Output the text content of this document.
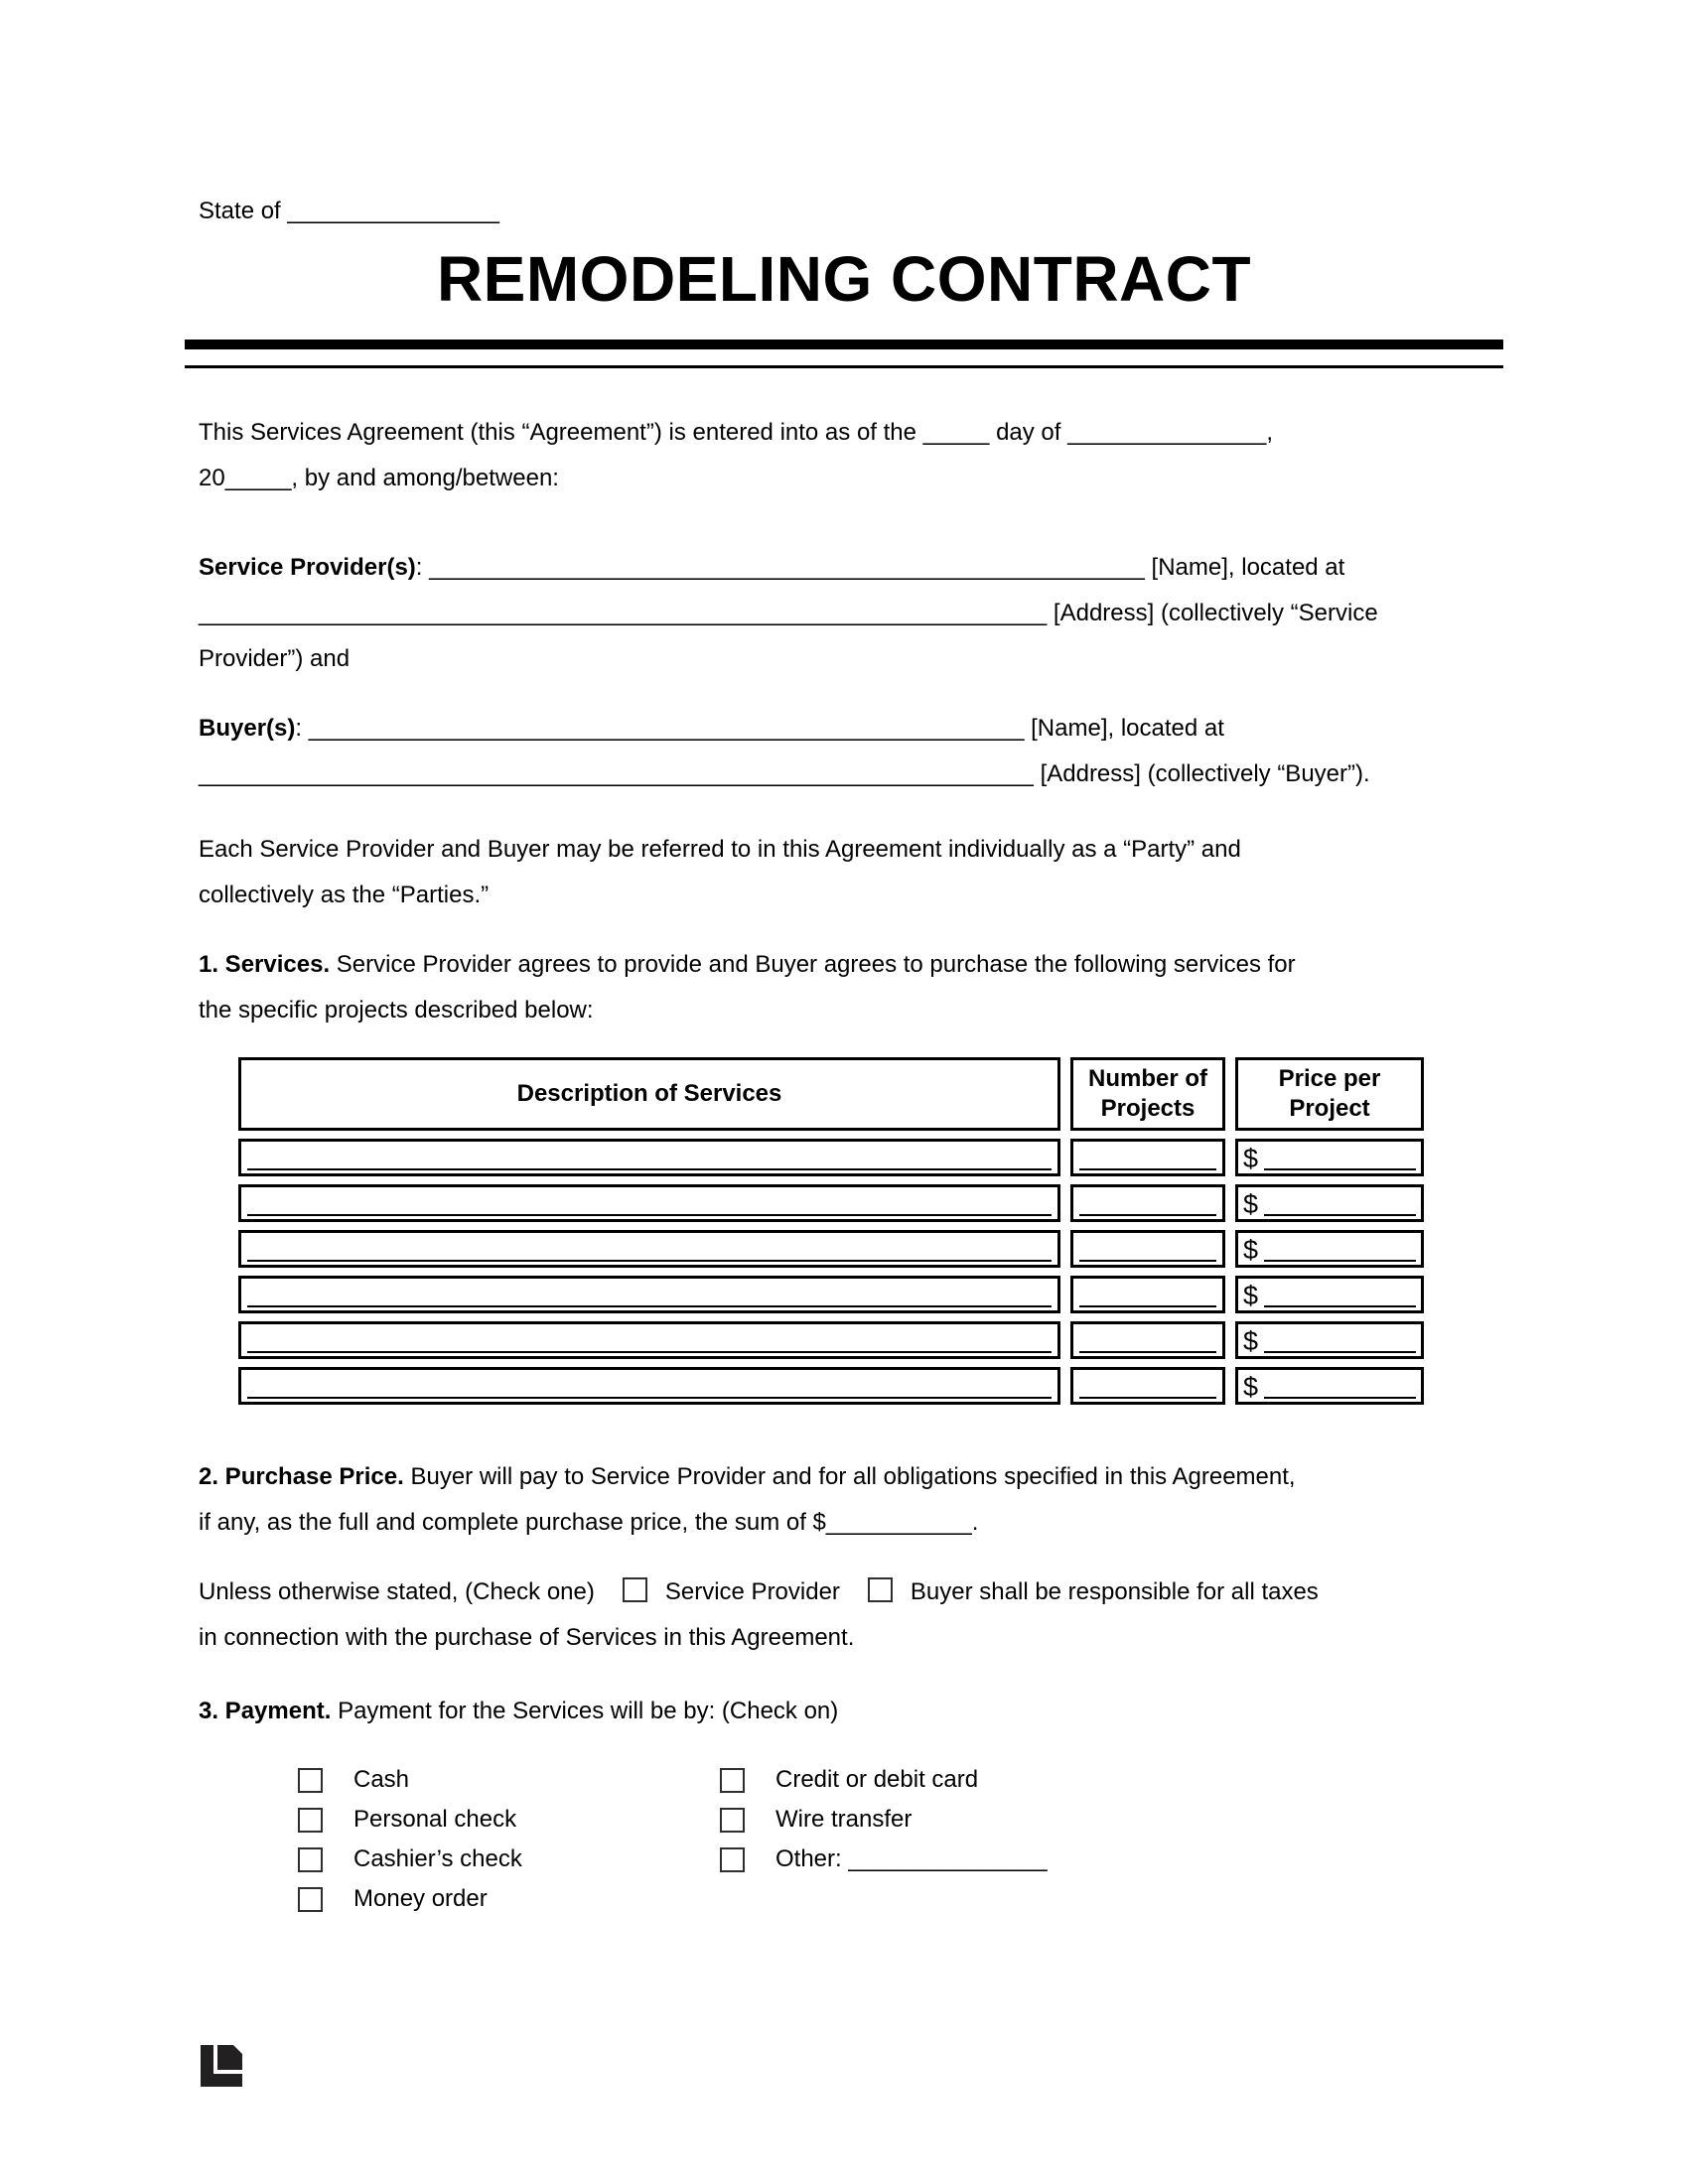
State of ________________
REMODELING CONTRACT

This Services Agreement (this “Agreement”) is entered into as of the _____ day of _______________,
20_____, by and among/between:

Service Provider(s): ______________________________________________________ [Name], located at
________________________________________________________________ [Address] (collectively “Service
Provider”) and

Buyer(s): ______________________________________________________ [Name], located at
_______________________________________________________________ [Address] (collectively “Buyer”).

Each Service Provider and Buyer may be referred to in this Agreement individually as a “Party” and
collectively as the “Parties.”

1. Services. Service Provider agrees to provide and Buyer agrees to purchase the following services for
the specific projects described below:

Description of Services
Number of Projects
Price per Project
$
$
$
$
$
$

2. Purchase Price. Buyer will pay to Service Provider and for all obligations specified in this Agreement,
if any, as the full and complete purchase price, the sum of $___________.

Unless otherwise stated, (Check one)	Service Provider	Buyer shall be responsible for all taxes
in connection with the purchase of Services in this Agreement.

3. Payment. Payment for the Services will be by: (Check on)

Cash
Personal check
Cashier’s check
Money order
Credit or debit card
Wire transfer
Other: _______________
